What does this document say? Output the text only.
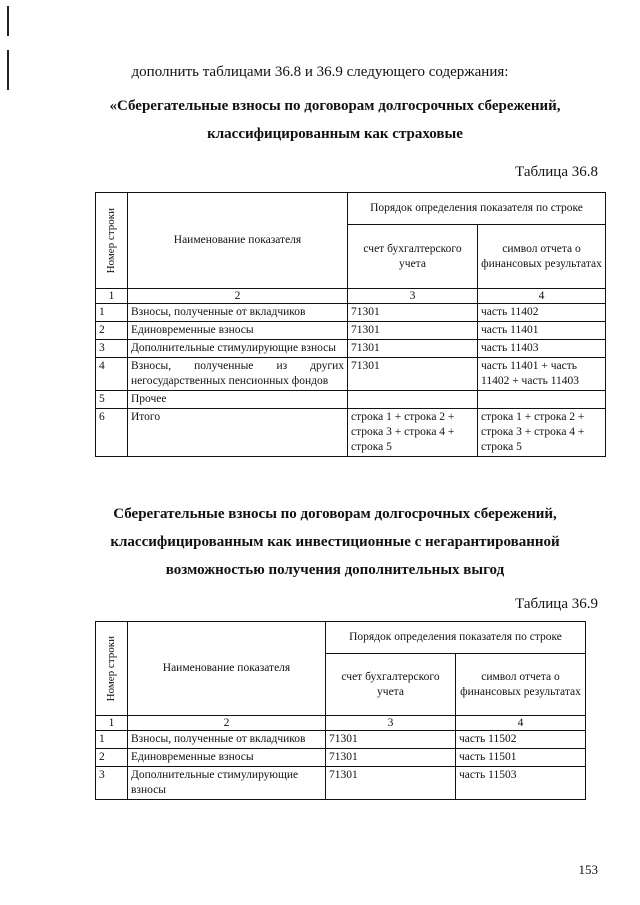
дополнить таблицами 36.8 и 36.9 следующего содержания:
«Сберегательные взносы по договорам долгосрочных сбережений,
классифицированным как страховые
Таблица 36.8
Номер строки	Наименование показателя	Порядок определения показателя по строке	
		счет бухгалтерского учета	символ отчета о финансовых результатах
1	2	3	4
1	Взносы, полученные от вкладчиков	71301	часть 11402
2	Единовременные взносы	71301	часть 11401
3	Дополнительные стимулирующие взносы	71301	часть 11403
4	Взносы, полученные из других негосударственных пенсионных фондов	71301	часть 11401 + часть 11402 + часть 11403
5	Прочее		
6	Итого	строка 1 + строка 2 + строка 3 + строка 4 + строка 5	строка 1 + строка 2 + строка 3 + строка 4 + строка 5
Сберегательные взносы по договорам долгосрочных сбережений,
классифицированным как инвестиционные с негарантированной
возможностью получения дополнительных выгод
Таблица 36.9
Номер строки	Наименование показателя	Порядок определения показателя по строке	
		счет бухгалтерского учета	символ отчета о финансовых результатах
1	2	3	4
1	Взносы, полученные от вкладчиков	71301	часть 11502
2	Единовременные взносы	71301	часть 11501
3	Дополнительные стимулирующие взносы	71301	часть 11503
153
